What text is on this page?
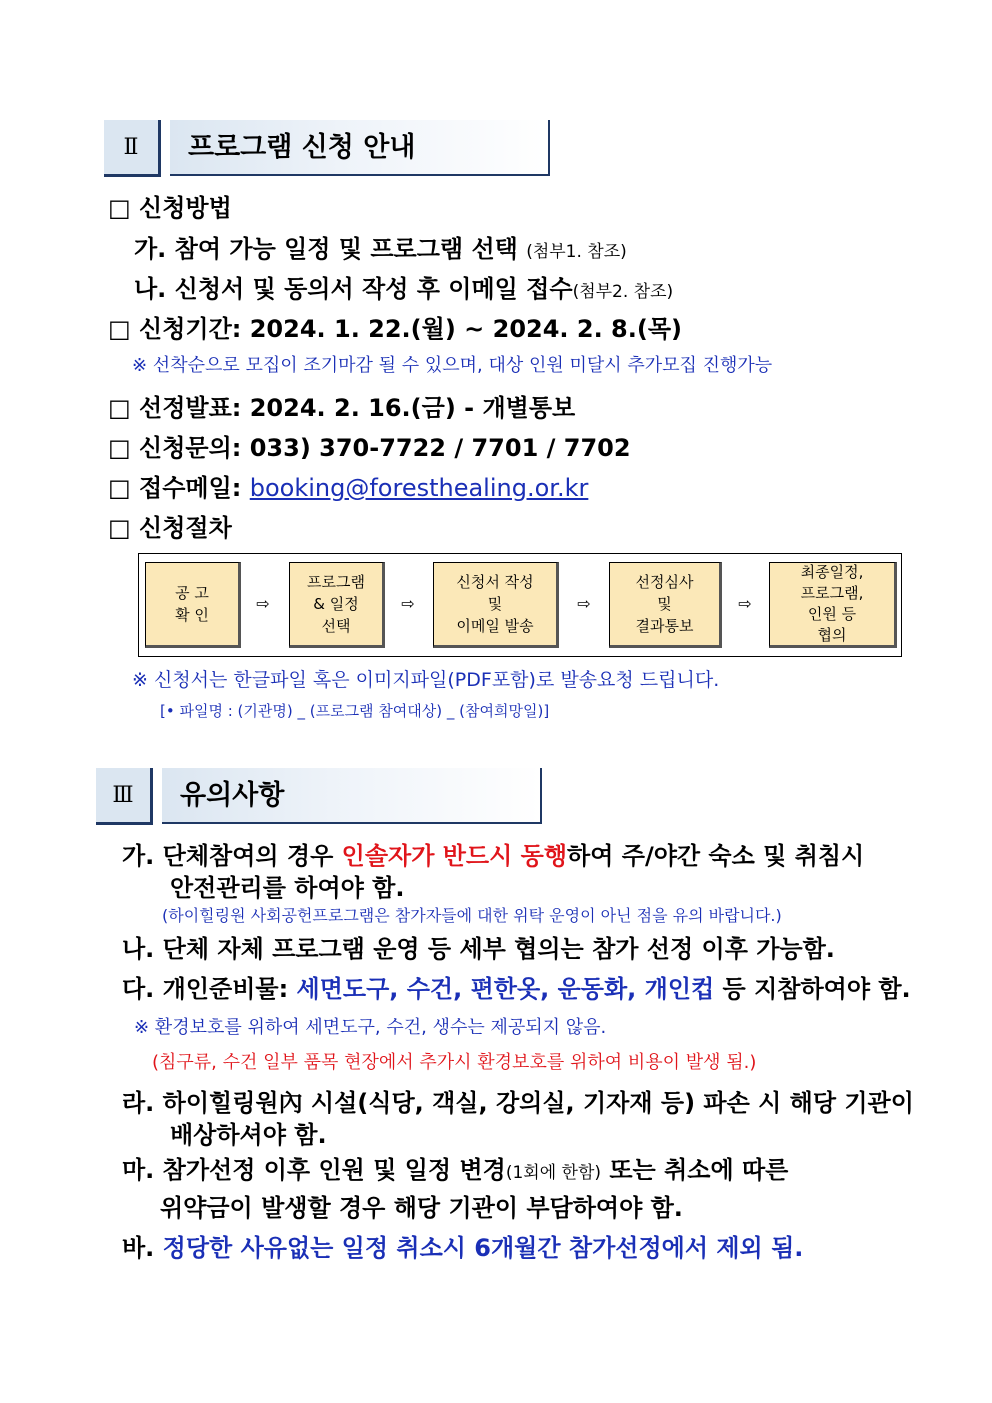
Ⅱ	프로그램 신청 안내
□ 신청방법
가. 참여 가능 일정 및 프로그램 선택 (첨부1. 참조)
나. 신청서 및 동의서 작성 후 이메일 접수(첨부2. 참조)
□ 신청기간: 2024. 1. 22.(월) ~ 2024. 2. 8.(목)
※ 선착순으로 모집이 조기마감 될 수 있으며, 대상 인원 미달시 추가모집 진행가능
□ 선정발표: 2024. 2. 16.(금) - 개별통보
□ 신청문의: 033) 370-7722 / 7701 / 7702
□ 접수메일: booking@foresthealing.or.kr
□ 신청절차
공 고
확 인
⇨
프로그램
& 일정
선택
⇨
신청서 작성
및
이메일 발송
⇨
선정심사
및
결과통보
⇨
최종일정,
프로그램,
인원 등
협의
※ 신청서는 한글파일 혹은 이미지파일(PDF포함)로 발송요청 드립니다.
[• 파일명 : (기관명) _ (프로그램 참여대상) _ (참여희망일)]
Ⅲ	유의사항
가. 단체참여의 경우 인솔자가 반드시 동행하여 주/야간 숙소 및 취침시
안전관리를 하여야 함.
(하이힐링원 사회공헌프로그램은 참가자들에 대한 위탁 운영이 아닌 점을 유의 바랍니다.)
나. 단체 자체 프로그램 운영 등 세부 협의는 참가 선정 이후 가능함.
다. 개인준비물: 세면도구, 수건, 편한옷, 운동화, 개인컵 등 지참하여야 함.
※ 환경보호를 위하여 세면도구, 수건, 생수는 제공되지 않음.
(침구류, 수건 일부 품목 현장에서 추가시 환경보호를 위하여 비용이 발생 됨.)
라. 하이힐링원內 시설(식당, 객실, 강의실, 기자재 등) 파손 시 해당 기관이
배상하셔야 함.
마. 참가선정 이후 인원 및 일정 변경(1회에 한함) 또는 취소에 따른
위약금이 발생할 경우 해당 기관이 부담하여야 함.
바. 정당한 사유없는 일정 취소시 6개월간 참가선정에서 제외 됨.
